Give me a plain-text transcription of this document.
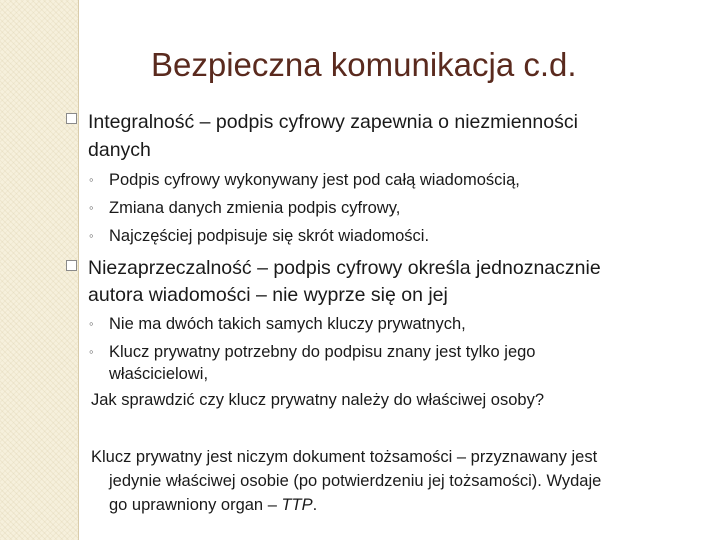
Bezpieczna komunikacja c.d.
Integralność – podpis cyfrowy zapewnia o niezmienności
danych
◦ Podpis cyfrowy wykonywany jest pod całą wiadomością,
◦ Zmiana danych zmienia podpis cyfrowy,
◦ Najczęściej podpisuje się skrót wiadomości.
Niezaprzeczalność – podpis cyfrowy określa jednoznacznie
autora wiadomości – nie wyprze się on jej
◦ Nie ma dwóch takich samych kluczy prywatnych,
◦ Klucz prywatny potrzebny do podpisu znany jest tylko jego
właścicielowi,
Jak sprawdzić czy klucz prywatny należy do właściwej osoby?
Klucz prywatny jest niczym dokument tożsamości – przyznawany jest
jedynie właściwej osobie (po potwierdzeniu jej tożsamości). Wydaje
go uprawniony organ – TTP.
